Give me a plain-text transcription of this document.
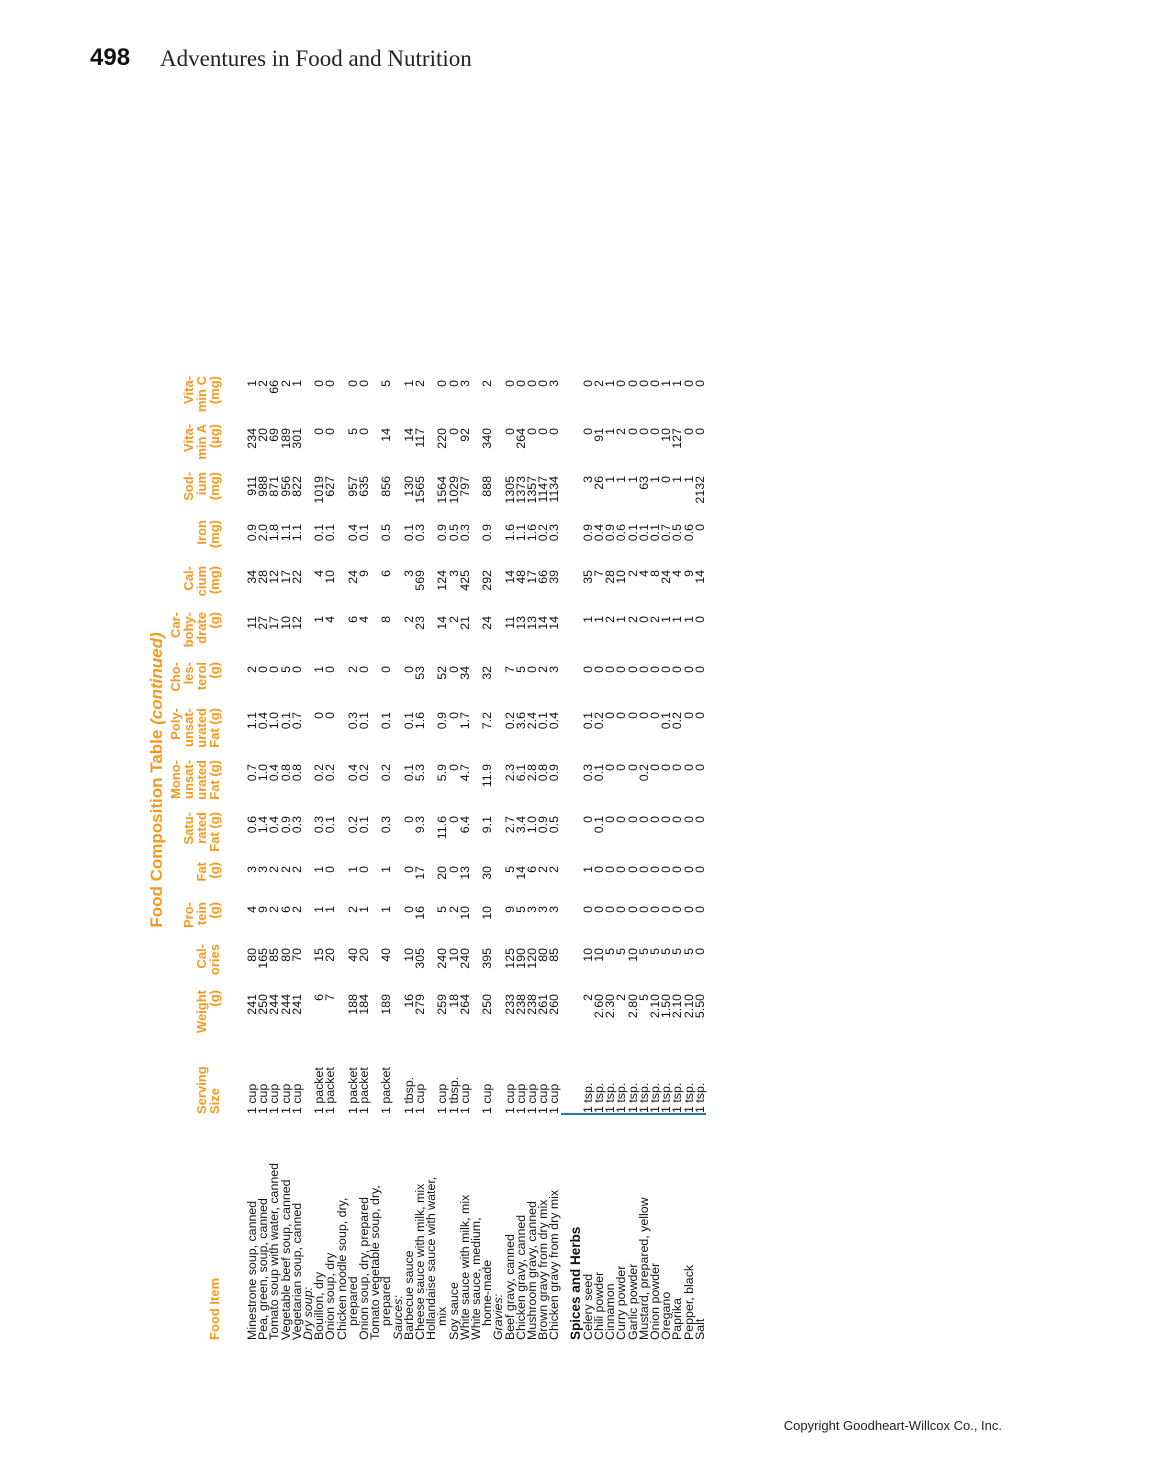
498 Adventures in Food and Nutrition
Food Composition Table (continued)
Food Item	Serving Size	Weight (g)	Cal-ories	Pro-tein (g)	Fat (g)	Satu-rated Fat (g)	Mono-unsat-urated Fat (g)	Poly-unsat-urated Fat (g)	Cho-les-terol (g)	Car-bohy-drate (g)	Cal-cium (mg)	Iron (mg)	Sod-ium (mg)	Vita-min A (µg)	Vita-min C (mg)
Minestrone soup, canned	1 cup	241	80	4	3	0.6	0.7	1.1	2	11	34	0.9	911	234	1
Pea, green, soup, canned	1 cup	250	165	9	3	1.4	1.0	0.4	0	27	28	2.0	988	20	2
Tomato soup with water, canned	1 cup	244	85	2	2	0.4	0.4	1.0	0	17	12	1.8	871	69	66
Vegetable beef soup, canned	1 cup	244	80	6	2	0.9	0.8	0.1	5	10	17	1.1	956	189	2
Vegetarian soup, canned	1 cup	241	70	2	2	0.3	0.8	0.7	0	12	22	1.1	822	301	1
Dry soup:															
Bouillon, dry	1 packet	6	15	1	1	0.3	0.2	0	1	1	4	0.1	1019	0	0
Onion soup, dry	1 packet	7	20	1	0	0.1	0.2	0	0	4	10	0.1	627	0	0
Chicken noodle soup, dry,															
prepared	1 packet	188	40	2	1	0.2	0.4	0.3	2	6	24	0.4	957	5	0
Onion soup, dry, prepared	1 packet	184	20	1	0	0.1	0.2	0.1	0	4	9	0.1	635	0	0
Tomato vegetable soup, dry,															
prepared	1 packet	189	40	1	1	0.3	0.2	0.1	0	8	6	0.5	856	14	5
Sauces:															
Barbecue sauce	1 tbsp.	16	10	0	0	0	0.1	0.1	0	2	3	0.1	130	14	1
Cheese sauce with milk, mix	1 cup	279	305	16	17	9.3	5.3	1.6	53	23	569	0.3	1565	117	2
Hollandaise sauce with water,															
mix	1 cup	259	240	5	20	11.6	5.9	0.9	52	14	124	0.9	1564	220	0
Soy sauce	1 tbsp.	18	10	2	0	0	0	0	0	2	3	0.5	1029	0	0
White sauce with milk, mix	1 cup	264	240	10	13	6.4	4.7	1.7	34	21	425	0.3	797	92	3
White sauce, medium,															
home-made	1 cup	250	395	10	30	9.1	11.9	7.2	32	24	292	0.9	888	340	2
Gravies:															
Beef gravy, canned	1 cup	233	125	9	5	2.7	2.3	0.2	7	11	14	1.6	1305	0	0
Chicken gravy, canned	1 cup	238	190	5	14	3.4	6.1	3.6	5	13	48	1.1	1373	264	0
Mushroom gravy, canned	1 cup	238	120	3	6	1.0	2.8	2.4	0	13	17	1.6	1357	0	0
Brown gravy from dry mix	1 cup	261	80	3	2	0.9	0.8	0.1	2	14	66	0.2	1147	0	0
Chicken gravy from dry mix	1 cup	260	85	3	2	0.5	0.9	0.4	3	14	39	0.3	1134	0	3
Spices and Herbs															
Celery seed	1 tsp.	2	10	0	1	0	0.3	0.1	0	1	35	0.9	3	0	0
Chili powder	1 tsp.	2.60	10	0	0	0.1	0.1	0.2	0	1	7	0.4	26	91	2
Cinnamon	1 tsp.	2.30	5	0	0	0	0	0	0	2	28	0.9	1	1	1
Curry powder	1 tsp.	2	5	0	0	0	0	0	0	1	10	0.6	1	2	0
Garlic powder	1 tsp.	2.80	10	0	0	0	0	0	0	2	2	0.1	1	0	0
Mustard, prepared, yellow	1 tsp.	5	5	0	0	0	0.2	0	0	0	4	0.1	63	0	0
Onion powder	1 tsp.	2.10	5	0	0	0	0	0	0	2	8	0.1	1	0	0
Oregano	1 tsp.	1.50	5	0	0	0	0	0.1	0	1	24	0.7	0	10	1
Paprika	1 tsp.	2.10	5	0	0	0	0	0.2	0	1	4	0.5	1	127	1
Pepper, black	1 tsp.	2.10	5	0	0	0	0	0	0	1	9	0.6	1	0	0
Salt	1 tsp.	5.50	0	0	0	0	0	0	0	0	14	0	2132	0	0
Copyright Goodheart-Willcox Co., Inc.
